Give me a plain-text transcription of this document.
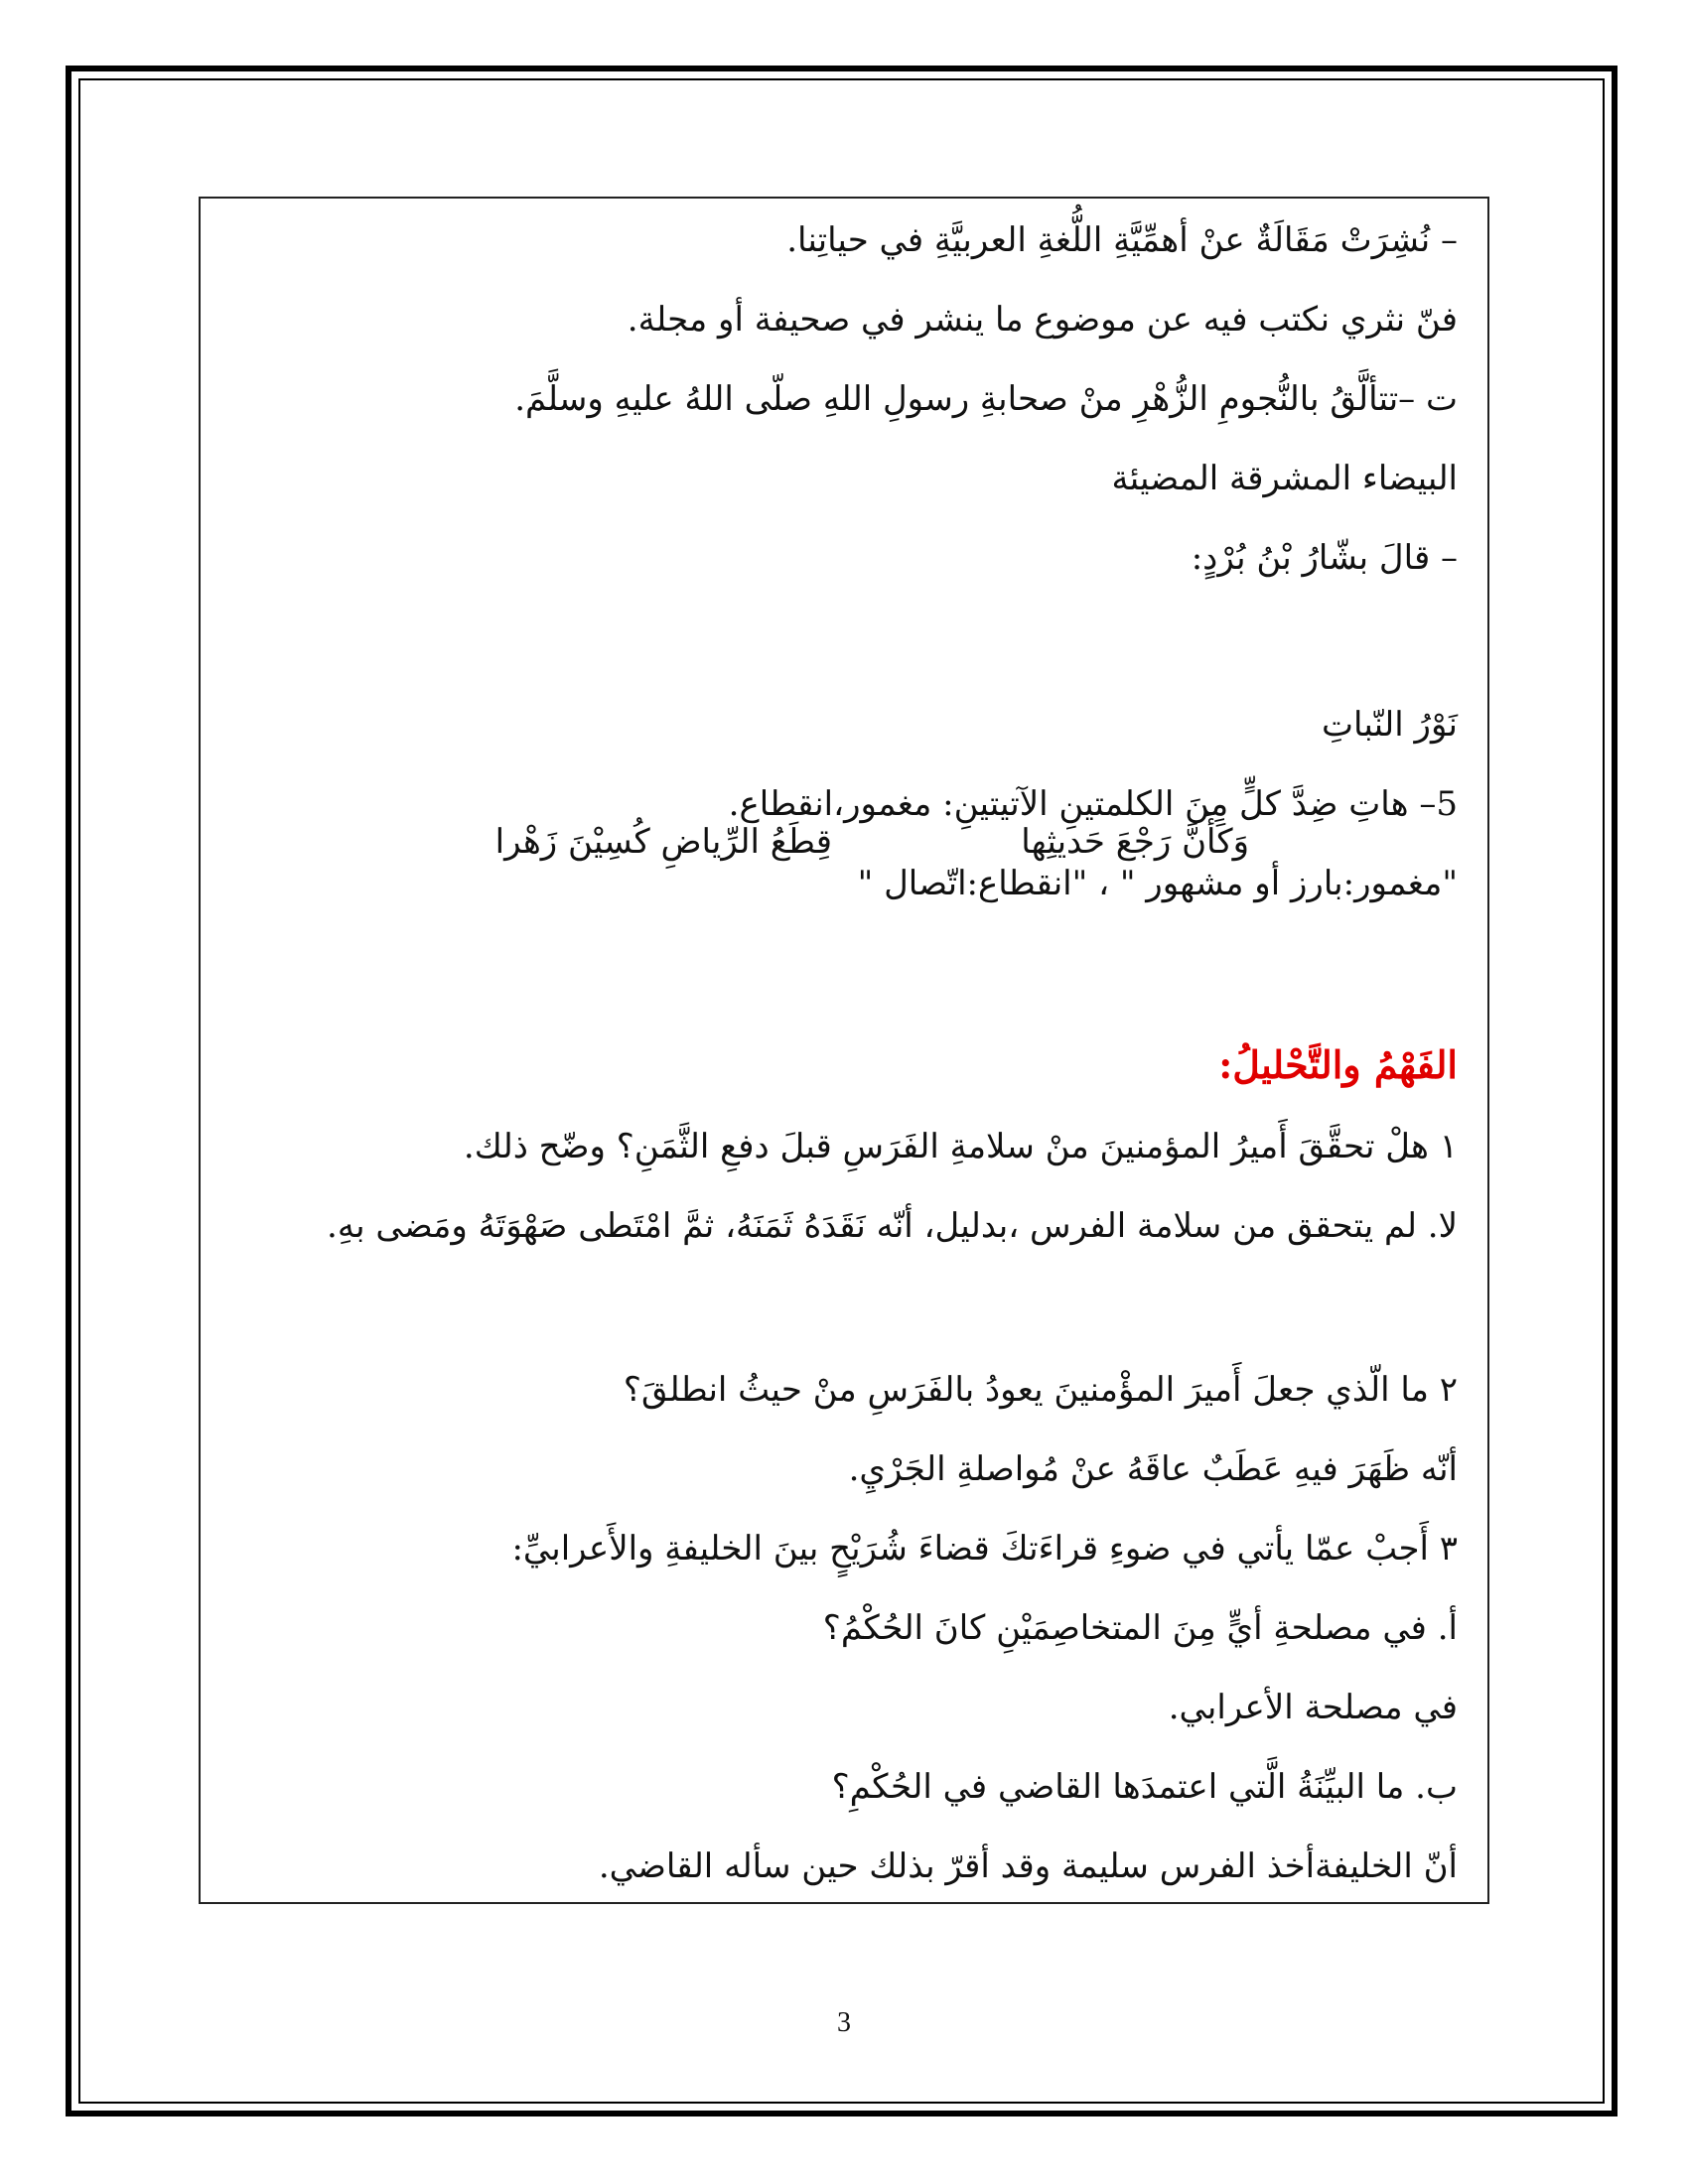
– نُشِرَتْ مَقَالَةٌ عنْ أهمِّيَّةِ اللُّغةِ العربيَّةِ في حياتِنا.
فنّ نثري نكتب فيه عن موضوع ما ينشر في صحيفة أو مجلة.
ت –تتألَّقُ بالنُّجومِ الزُّهْرِ منْ صحابةِ رسولِ اللهِ صلّى اللهُ عليهِ وسلَّمَ.
البيضاء المشرقة المضيئة
– قالَ بشّارُ بْنُ بُرْدٍ:
وَكَأَنَّ رَجْعَ حَديثِها
قِطَعُ الرِّياضِ كُسِيْنَ زَهْرا
نَوْرُ النّباتِ
5– هاتِ ضِدَّ كلٍّ مِنَ الكلمتينِ الآتيتينِ: مغمور،انقطاع.
"مغمور:بارز أو مشهور " ، "انقطاع:اتّصال "
الفَهْمُ والتَّحْليلُ:
١ هلْ تحقَّقَ أَميرُ المؤمنينَ منْ سلامةِ الفَرَسِ قبلَ دفعِ الثَّمَنِ؟ وضّح ذلك.
لا. لم يتحقق من سلامة الفرس ،بدليل، أنّه نَقَدَهُ ثَمَنَهُ، ثمَّ امْتَطى صَهْوَتَهُ ومَضى بهِ.
٢ ما الّذي جعلَ أَميرَ المؤْمنينَ يعودُ بالفَرَسِ منْ حيثُ انطلقَ؟
أنّه ظَهَرَ فيهِ عَطَبٌ عاقَهُ عنْ مُواصلةِ الجَرْيِ.
٣ أَجبْ عمّا يأتي في ضوءِ قراءَتكَ قضاءَ شُرَيْحٍ بينَ الخليفةِ والأَعرابيِّ:
أ. في مصلحةِ أيٍّ مِنَ المتخاصِمَيْنِ كانَ الحُكْمُ؟
في مصلحة الأعرابي.
ب. ما البيِّنَةُ الَّتي اعتمدَها القاضي في الحُكْمِ؟
أنّ الخليفةأخذ الفرس سليمة وقد أقرّ بذلك حين سأله القاضي.
3
